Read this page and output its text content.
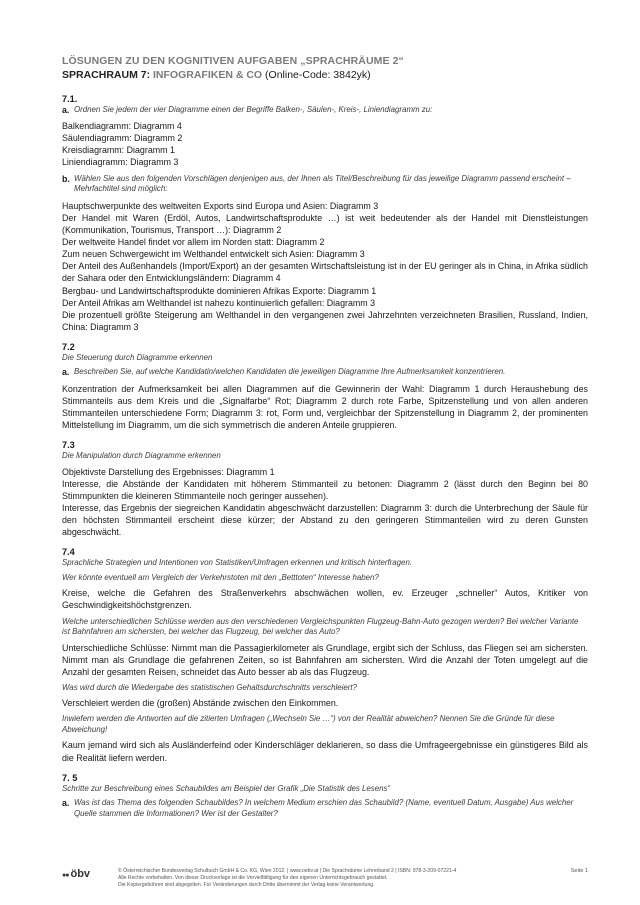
LÖSUNGEN ZU DEN KOGNITIVEN AUFGABEN „SPRACHRÄUME 2“

SPRACHRAUM 7: INFOGRAFIKEN & CO (Online-Code: 3842yk)

7.1.

a. Ordnen Sie jedem der vier Diagramme einen der Begriffe Balken-, Säulen-, Kreis-, Liniendiagramm zu:

Balkendiagramm: Diagramm 4

Säulendiagramm: Diagramm 2

Kreisdiagramm: Diagramm 1

Liniendiagramm: Diagramm 3

b. Wählen Sie aus den folgenden Vorschlägen denjenigen aus, der Ihnen als Titel/Beschreibung für das jeweilige Diagramm passend erscheint – Mehrfachtitel sind möglich:

Hauptschwerpunkte des weltweiten Exports sind Europa und Asien: Diagramm 3

Der Handel mit Waren (Erdöl, Autos, Landwirtschaftsprodukte …) ist weit bedeutender als der Handel mit Dienstleistungen (Kommunikation, Tourismus, Transport …): Diagramm 2

Der weltweite Handel findet vor allem im Norden statt: Diagramm 2

Zum neuen Schwergewicht im Welthandel entwickelt sich Asien: Diagramm 3

Der Anteil des Außenhandels (Import/Export) an der gesamten Wirtschaftsleistung ist in der EU geringer als in China, in Afrika südlich der Sahara oder den Entwicklungsländern: Diagramm 4

Bergbau- und Landwirtschaftsprodukte dominieren Afrikas Exporte: Diagramm 1

Der Anteil Afrikas am Welthandel ist nahezu kontinuierlich gefallen: Diagramm 3

Die prozentuell größte Steigerung am Welthandel in den vergangenen zwei Jahrzehnten verzeichneten Brasilien, Russland, Indien, China: Diagramm 3

7.2

Die Steuerung durch Diagramme erkennen

a. Beschreiben Sie, auf welche Kandidatin/welchen Kandidaten die jeweiligen Diagramme Ihre Aufmerksamkeit konzentrieren.

Konzentration der Aufmerksamkeit bei allen Diagrammen auf die Gewinnerin der Wahl: Diagramm 1 durch Heraushebung des Stimmanteils aus dem Kreis und die „Signalfarbe“ Rot; Diagramm 2 durch rote Farbe, Spitzenstellung und von allen anderen Stimmanteilen unterschiedene Form; Diagramm 3: rot, Form und, vergleichbar der Spitzenstellung in Diagramm 2, der prominenten Mittelstellung im Diagramm, um die sich symmetrisch die anderen Anteile gruppieren.

7.3

Die Manipulation durch Diagramme erkennen

Objektivste Darstellung des Ergebnisses: Diagramm 1

Interesse, die Abstände der Kandidaten mit höherem Stimmanteil zu betonen: Diagramm 2 (lässt durch den Beginn bei 80 Stimmpunkten die kleineren Stimmanteile noch geringer aussehen).

Interesse, das Ergebnis der siegreichen Kandidatin abgeschwächt darzustellen: Diagramm 3: durch die Unterbrechung der Säule für den höchsten Stimmanteil erscheint diese kürzer; der Abstand zu den geringeren Stimmanteilen wird zu deren Gunsten abgeschwächt.

7.4

Sprachliche Strategien und Intentionen von Statistiken/Umfragen erkennen und kritisch hinterfragen.

Wer könnte eventuell am Vergleich der Verkehrstoten mit den „Betttoten“ Interesse haben?

Kreise, welche die Gefahren des Straßenverkehrs abschwächen wollen, ev. Erzeuger „schneller“ Autos, Kritiker von Geschwindigkeitshöchstgrenzen.

Welche unterschiedlichen Schlüsse werden aus den verschiedenen Vergleichspunkten Flugzeug-Bahn-Auto gezogen werden? Bei welcher Variante ist Bahnfahren am sichersten, bei welcher das Flugzeug, bei welcher das Auto?

Unterschiedliche Schlüsse: Nimmt man die Passagierkilometer als Grundlage, ergibt sich der Schluss, das Fliegen sei am sichersten. Nimmt man als Grundlage die gefahrenen Zeiten, so ist Bahnfahren am sichersten. Wird die Anzahl der Toten umgelegt auf die Anzahl der gesamten Reisen, schneidet das Auto besser ab als das Flugzeug.

Was wird durch die Wiedergabe des statistischen Gehaltsdurchschnitts verschleiert?

Verschleiert werden die (großen) Abstände zwischen den Einkommen.

Inwiefern werden die Antworten auf die zitierten Umfragen („Wechseln Sie …“) von der Realität abweichen? Nennen Sie die Gründe für diese Abweichung!

Kaum jemand wird sich als Ausländerfeind oder Kinderschläger deklarieren, so dass die Umfrageergebnisse ein günstigeres Bild als die Realität liefern werden.

7. 5

Schritte zur Beschreibung eines Schaubildes am Beispiel der Grafik „Die Statistik des Lesens“

a. Was ist das Thema des folgenden Schaubildes? In welchem Medium erschien das Schaubild? (Name, eventuell Datum, Ausgabe) Aus welcher Quelle stammen die Informationen? Wer ist der Gestalter?
●● öbv	© Österreichischer Bundesverlag Schulbuch GmbH & Co. KG, Wien 2012. | www.oebv.at | Die Sprachräume Lehrerband 2 | ISBN: 978-3-209-07221-4
Alle Rechte vorbehalten. Von dieser Druckvorlage ist die Vervielfältigung für den eigenen Unterrichtsgebrauch gestattet.
Die Kopiergebühren sind abgegolten. Für Veränderungen durch Dritte übernimmt der Verlag keine Verantwortung.
Seite 1
